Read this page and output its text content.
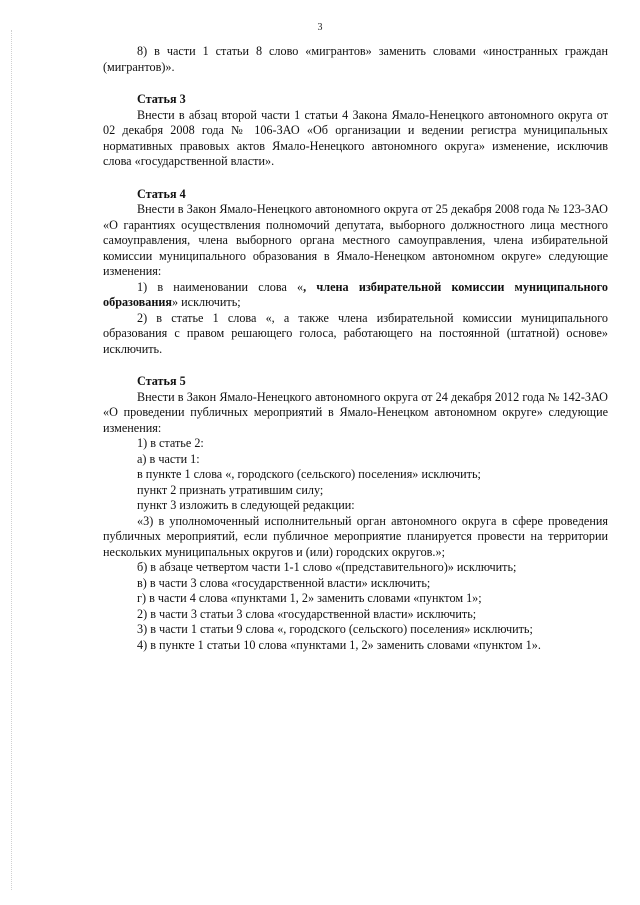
3

8) в части 1 статьи 8 слово «мигрантов» заменить словами «иностранных граждан (мигрантов)».

Статья 3

Внести в абзац второй части 1 статьи 4 Закона Ямало-Ненецкого автономного округа от 02 декабря 2008 года № 106-ЗАО «Об организации и ведении регистра муниципальных нормативных правовых актов Ямало-Ненецкого автономного округа» изменение, исключив слова «государственной власти».

Статья 4

Внести в Закон Ямало-Ненецкого автономного округа от 25 декабря 2008 года № 123-ЗАО «О гарантиях осуществления полномочий депутата, выборного должностного лица местного самоуправления, члена выборного органа местного самоуправления, члена избирательной комиссии муниципального образования в Ямало-Ненецком автономном округе» следующие изменения:

1) в наименовании слова «, члена избирательной комиссии муниципального образования» исключить;

2) в статье 1 слова «, а также члена избирательной комиссии муниципального образования с правом решающего голоса, работающего на постоянной (штатной) основе» исключить.

Статья 5

Внести в Закон Ямало-Ненецкого автономного округа от 24 декабря 2012 года № 142-ЗАО «О проведении публичных мероприятий в Ямало-Ненецком автономном округе» следующие изменения:

1) в статье 2:

а) в части 1:

в пункте 1 слова «, городского (сельского) поселения» исключить;

пункт 2 признать утратившим силу;

пункт 3 изложить в следующей редакции:

«3) в уполномоченный исполнительный орган автономного округа в сфере проведения публичных мероприятий, если публичное мероприятие планируется провести на территории нескольких муниципальных округов и (или) городских округов.»;

б) в абзаце четвертом части 1-1 слово «(представительного)» исключить;

в) в части 3 слова «государственной власти» исключить;

г) в части 4 слова «пунктами 1, 2» заменить словами «пунктом 1»;

2) в части 3 статьи 3 слова «государственной власти» исключить;

3) в части 1 статьи 9 слова «, городского (сельского) поселения» исключить;

4) в пункте 1 статьи 10 слова «пунктами 1, 2» заменить словами «пунктом 1».
